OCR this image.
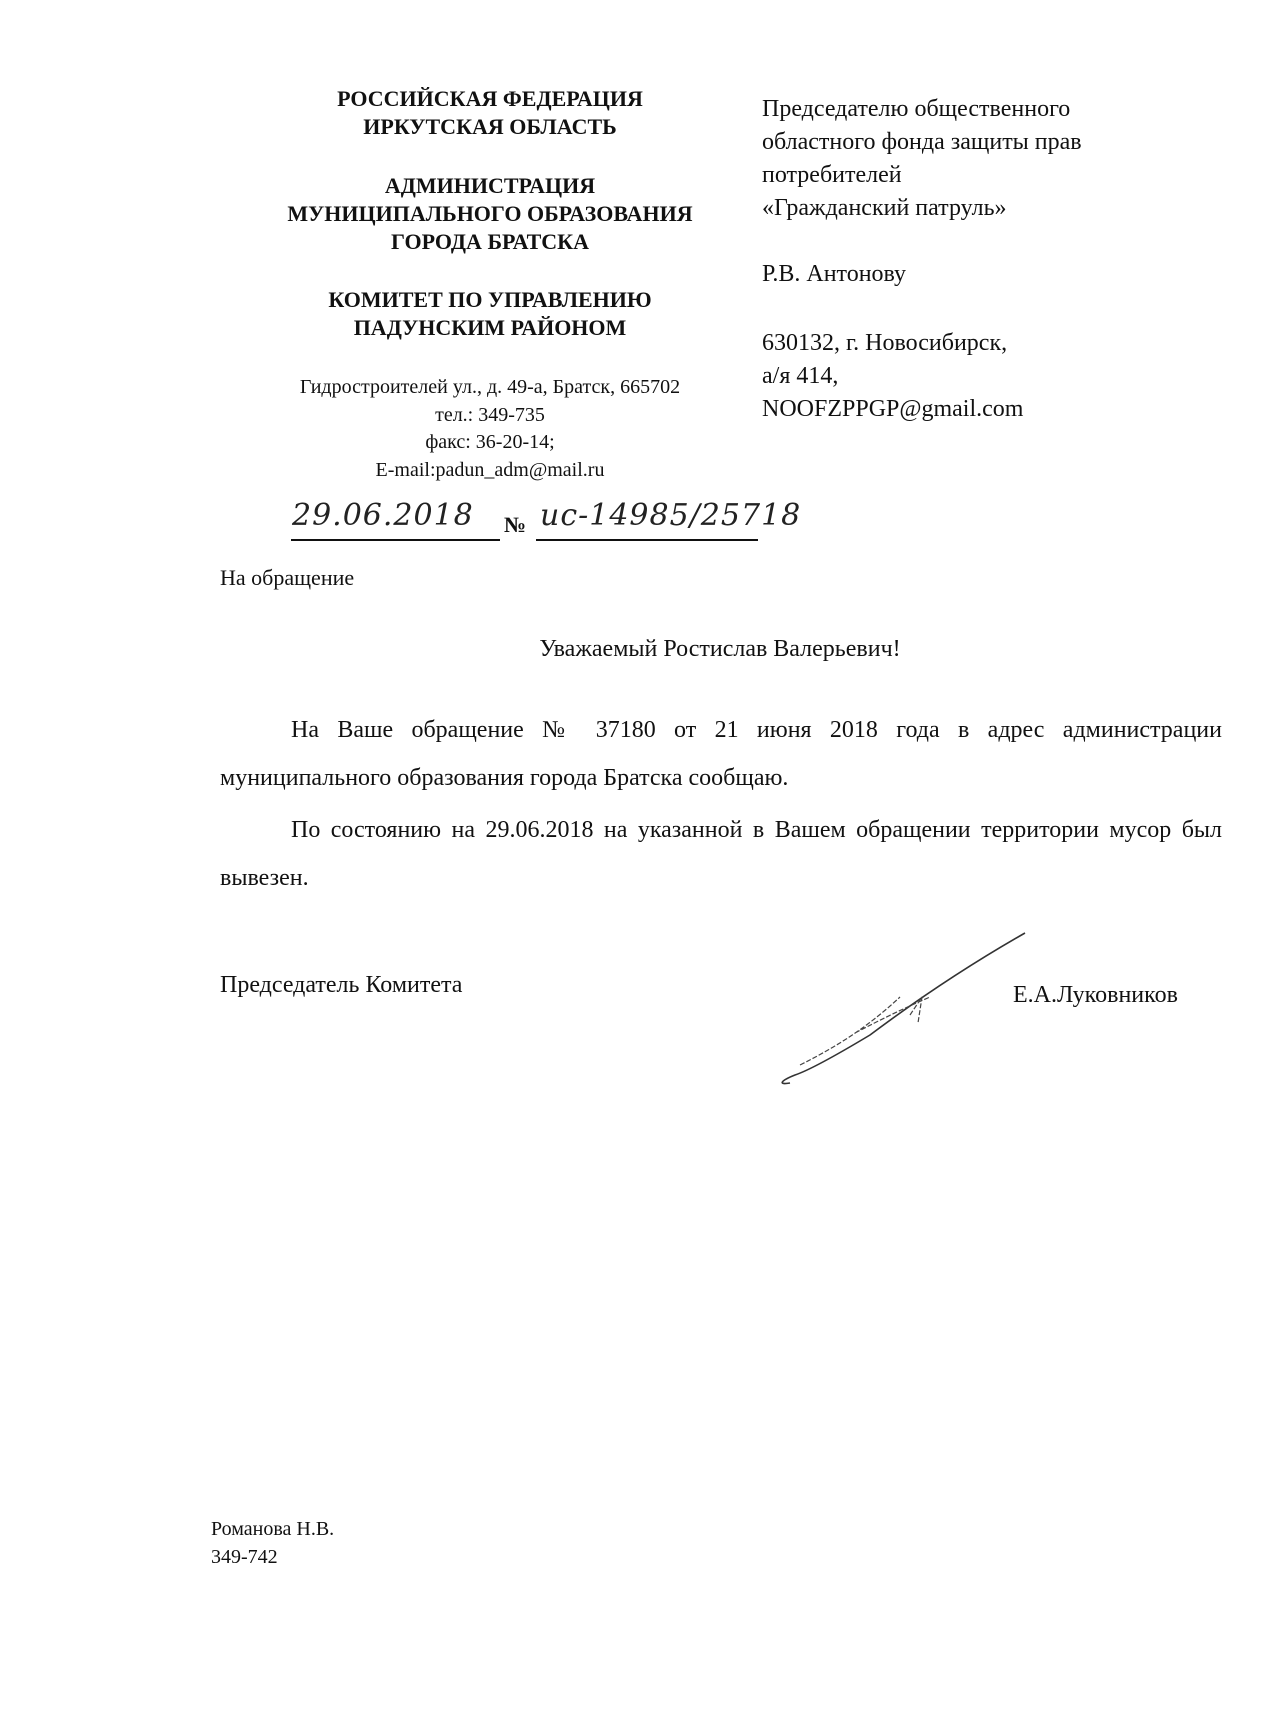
РОССИЙСКАЯ ФЕДЕРАЦИЯ
ИРКУТСКАЯ ОБЛАСТЬ
АДМИНИСТРАЦИЯ
МУНИЦИПАЛЬНОГО ОБРАЗОВАНИЯ
ГОРОДА БРАТСКА
КОМИТЕТ ПО УПРАВЛЕНИЮ
ПАДУНСКИМ РАЙОНОМ
Гидростроителей ул., д. 49-а, Братск, 665702
тел.: 349-735
факс: 36-20-14;
E-mail:padun_adm@mail.ru
Председателю общественного
областного фонда защиты прав
потребителей
«Гражданский патруль»
Р.В. Антонову
630132, г. Новосибирск,
а/я 414,
NOOFZPPGP@gmail.com
29.06.2018 № ис-14985/25718
На обращение
Уважаемый Ростислав Валерьевич!

На Ваше обращение № 37180 от 21 июня 2018 года в адрес администрации муниципального образования города Братска сообщаю.

По состоянию на 29.06.2018 на указанной в Вашем обращении территории мусор был вывезен.

Председатель Комитета	Е.А.Луковников
Романова Н.В.
349-742
